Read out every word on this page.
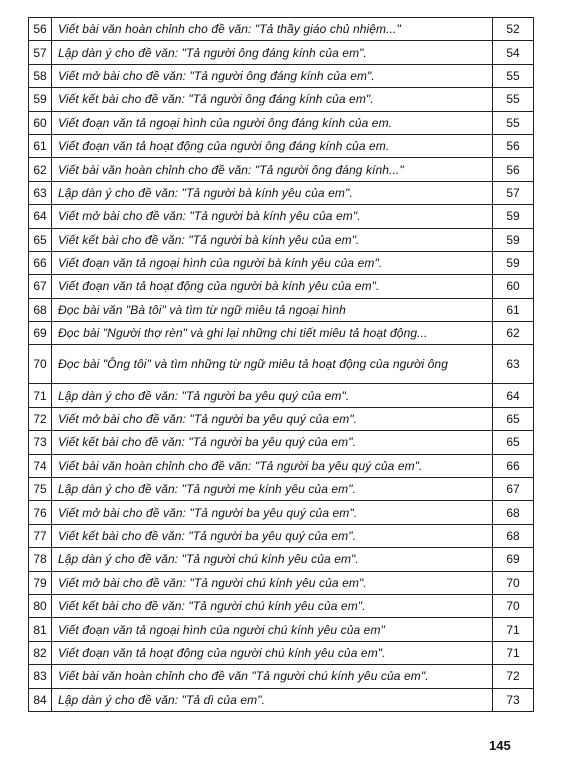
56	Viết bài văn hoàn chỉnh cho đề văn: "Tả thầy giáo chủ nhiệm..."	52
57	Lập dàn ý cho đề văn: "Tả người ông đáng kính của em".	54
58	Viết mở bài cho đề văn: "Tả người ông đáng kính của em".	55
59	Viết kết bài cho đề văn: "Tả người ông đáng kính của em".	55
60	Viết đoạn văn tả ngoại hình của người ông đáng kính của em.	55
61	Viết đoạn văn tả hoạt động của người ông đáng kính của em.	56
62	Viết bài văn hoàn chỉnh cho đề văn: "Tả người ông đáng kính..."	56
63	Lập dàn ý cho đề văn: "Tả người bà kính yêu của em".	57
64	Viết mở bài cho đề văn: "Tả người bà kính yêu của em".	59
65	Viết kết bài cho đề văn: "Tả người bà kính yêu của em".	59
66	Viết đoạn văn tả ngoại hình của người bà kính yêu của em".	59
67	Viết đoạn văn tả hoạt động của người bà kính yêu của em".	60
68	Đọc bài văn "Bà tôi" và tìm từ ngữ miêu tả ngoại hình	61
69	Đọc bài "Người thợ rèn" và ghi lại những chi tiết miêu tả hoạt động...	62
70	Đọc bài "Ông tôi" và tìm những từ ngữ miêu tả hoạt động của người ông	63
71	Lập dàn ý cho đề văn: "Tả người ba yêu quý của em".	64
72	Viết mở bài cho đề văn: "Tả người ba yêu quý của em".	65
73	Viết kết bài cho đề văn: "Tả người ba yêu quý của em".	65
74	Viết bài văn hoàn chỉnh cho đề văn: "Tả người ba yêu quý của em".	66
75	Lập dàn ý cho đề văn: "Tả người mẹ kính yêu của em".	67
76	Viết mở bài cho đề văn: "Tả người ba yêu quý của em".	68
77	Viết kết bài cho đề văn: "Tả người ba yêu quý của em".	68
78	Lập dàn ý cho đề văn: "Tả người chú kính yêu của em".	69
79	Viết mở bài cho đề văn: "Tả người chú kính yêu của em".	70
80	Viết kết bài cho đề văn: "Tả người chú kính yêu của em".	70
81	Viết đoạn văn tả ngoại hình của người chú kính yêu của em"	71
82	Viết đoạn văn tả hoạt động của người chú kính yêu của em".	71
83	Viết bài văn hoàn chỉnh cho đề văn "Tả người chú kính yêu của em".	72
84	Lập dàn ý cho đề văn: "Tả dì của em".	73
145
